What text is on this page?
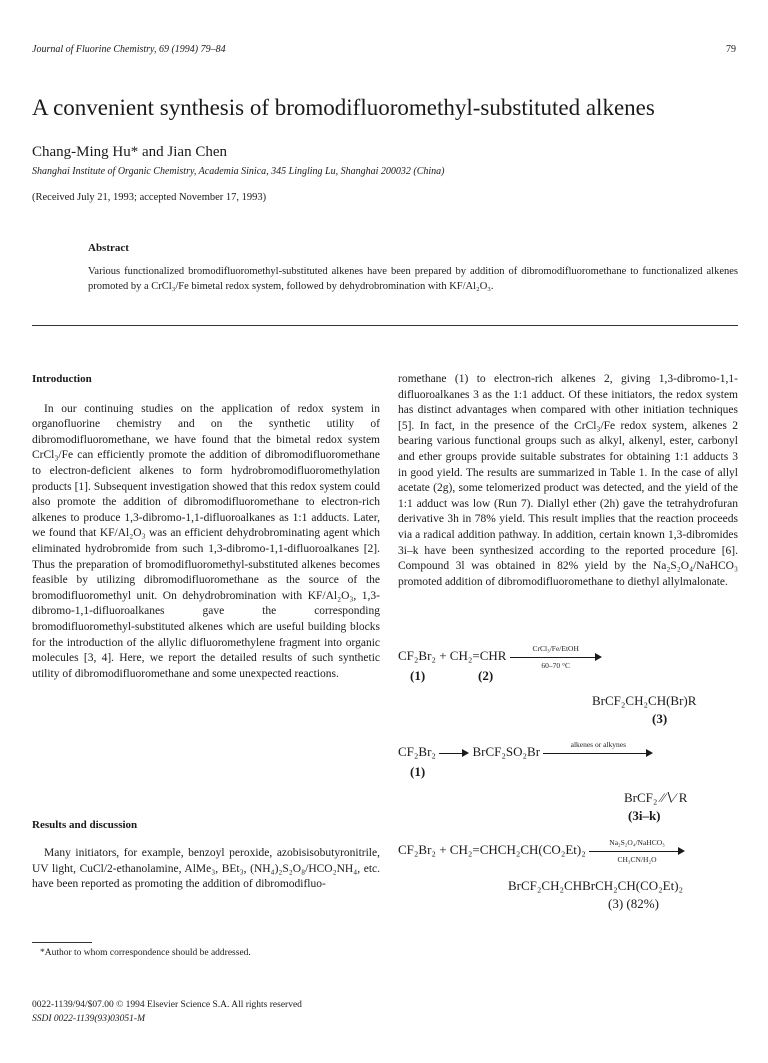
Journal of Fluorine Chemistry, 69 (1994) 79–84	79
A convenient synthesis of bromodifluoromethyl-substituted alkenes
Chang-Ming Hu* and Jian Chen
Shanghai Institute of Organic Chemistry, Academia Sinica, 345 Lingling Lu, Shanghai 200032 (China)
(Received July 21, 1993; accepted November 17, 1993)
Abstract
Various functionalized bromodifluoromethyl-substituted alkenes have been prepared by addition of dibromodifluoromethane to functionalized alkenes promoted by a CrCl₃/Fe bimetal redox system, followed by dehydrobromination with KF/Al₂O₃.
Introduction

In our continuing studies on the application of redox system in organofluorine chemistry and on the synthetic utility of dibromodifluoromethane, we have found that the bimetal redox system CrCl₃/Fe can efficiently promote the addition of dibromodifluoromethane to electron-deficient alkenes to form hydrobromodifluoromethylation products [1]. Subsequent investigation showed that this redox system could also promote the addition of dibromodifluoromethane to electron-rich alkenes to produce 1,3-dibromo-1,1-difluoroalkanes as 1:1 adducts. Later, we found that KF/Al₂O₃ was an efficient dehydrobrominating agent which eliminated hydrobromide from such 1,3-dibromo-1,1-difluoroalkanes [2]. Thus the preparation of bromodifluoromethyl-substituted alkenes becomes feasible by utilizing dibromodifluoromethane as the source of the bromodifluoromethyl unit. On dehydrobromination with KF/Al₂O₃, 1,3-dibromo-1,1-difluoroalkanes gave the corresponding bromodifluoromethyl-substituted alkenes which are useful building blocks for the introduction of the allylic difluoromethylene fragment into organic molecules [3, 4]. Here, we report the detailed results of such synthetic utility of dibromodifluoromethane and some unexpected reactions.

Results and discussion

Many initiators, for example, benzoyl peroxide, azobisisobutyronitrile, UV light, CuCl/2-ethanolamine, AlMe₃, BEt₃, (NH₄)₂S₂O₈/HCO₂NH₄, etc. have been reported as promoting the addition of dibromodifluo-

*Author to whom correspondence should be addressed.
0022-1139/94/$07.00 © 1994 Elsevier Science S.A. All rights reserved
SSDI 0022-1139(93)03051-M

romethane (1) to electron-rich alkenes 2, giving 1,3-dibromo-1,1-difluoroalkanes 3 as the 1:1 adduct. Of these initiators, the redox system has distinct advantages when compared with other initiation techniques [5]. In fact, in the presence of the CrCl₃/Fe redox system, alkenes 2 bearing various functional groups such as alkyl, alkenyl, ester, carbonyl and ether groups provide suitable substrates for obtaining 1:1 adducts 3 in good yield. The results are summarized in Table 1. In the case of allyl acetate (2g), some telomerized product was detected, and the yield of the 1:1 adduct was low (Run 7). Diallyl ether (2h) gave the tetrahydrofuran derivative 3h in 78% yield. This result implies that the reaction proceeds via a radical addition pathway. In addition, certain known 1,3-dibromides 3i–k have been synthesized according to the reported procedure [6]. Compound 3l was obtained in 82% yield by the Na₂S₂O₄/NaHCO₃ promoted addition of dibromodifluoromethane to diethyl allylmalonate.

CF₂Br₂ + CH₂=CHR	CrCl₃/Fe/EtOH
60–70 °C
(1)	(2)
BrCF₂CH₂CH(Br)R
(3)
CF₂Br₂	BrCF₂SO₂Br	alkenes or alkynes
(1)
BrCF₂ ⁄⁄∖⁄ R
(3i–k)
CF₂Br₂ + CH₂=CHCH₂CH(CO₂Et)₂	Na₂S₂O₄/NaHCO₃
CH₃CN/H₂O
BrCF₂CH₂CHBrCH₂CH(CO₂Et)₂
(3) (82%)
